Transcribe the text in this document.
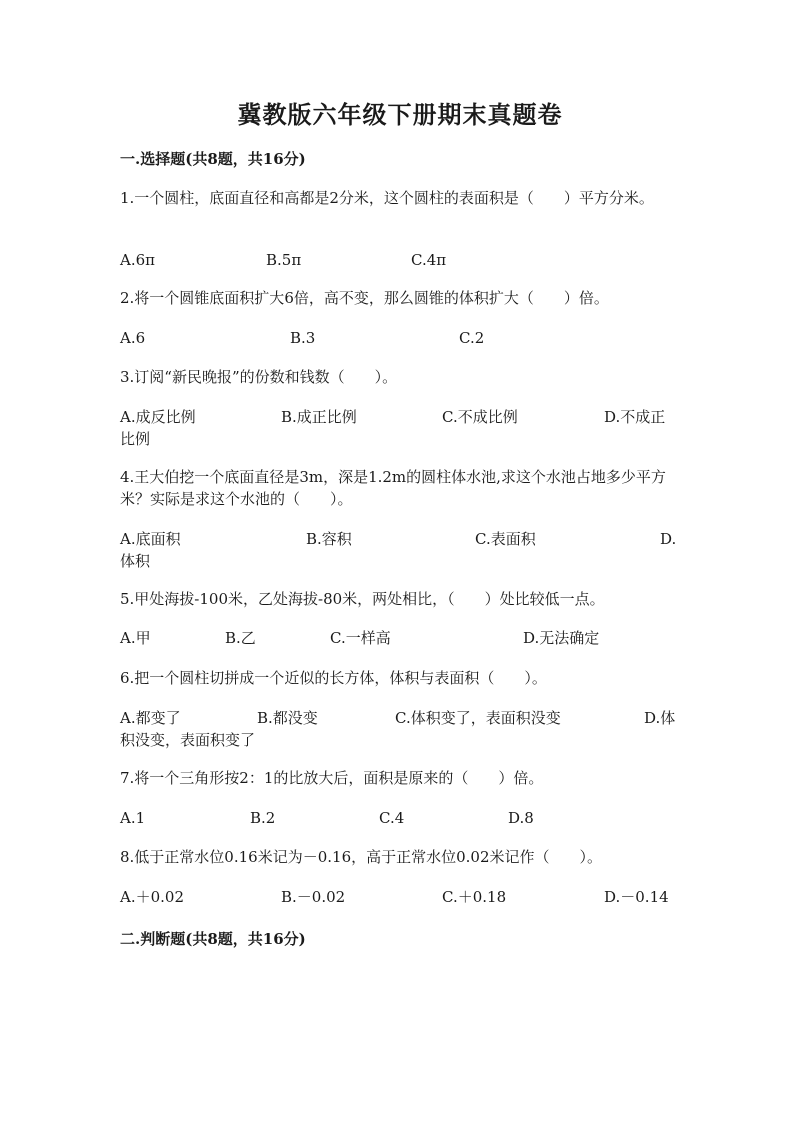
冀教版六年级下册期末真题卷
一.选择题(共8题，共16分)
1.一个圆柱，底面直径和高都是2分米，这个圆柱的表面积是（　　）平方分米。
A.6π	B.5π	C.4π
2.将一个圆锥底面积扩大6倍，高不变，那么圆锥的体积扩大（　　）倍。
A.6	B.3	C.2
3.订阅“新民晚报”的份数和钱数（　　）。
A.成反比例	B.成正比例	C.不成比例	D.不成正
比例
4.王大伯挖一个底面直径是3m，深是1.2m的圆柱体水池,求这个水池占地多少平方米？实际是求这个水池的（　　）。
A.底面积	B.容积	C.表面积	D.
体积
5.甲处海拔-100米，乙处海拔-80米，两处相比，（　　）处比较低一点。
A.甲	B.乙	C.一样高	D.无法确定
6.把一个圆柱切拼成一个近似的长方体，体积与表面积（　　）。
A.都变了	B.都没变	C.体积变了，表面积没变	D.体
积没变，表面积变了
7.将一个三角形按2：1的比放大后，面积是原来的（　　）倍。
A.1	B.2	C.4	D.8
8.低于正常水位0.16米记为－0.16，高于正常水位0.02米记作（　　）。
A.＋0.02	B.－0.02	C.＋0.18	D.－0.14
二.判断题(共8题，共16分)
